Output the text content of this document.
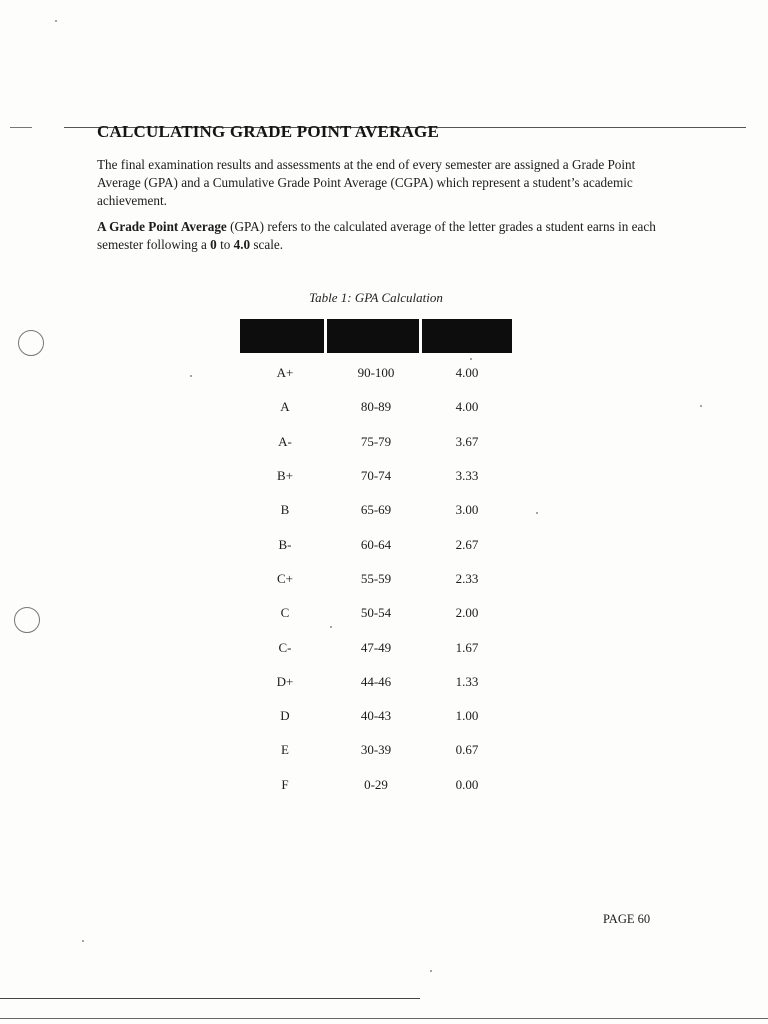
CALCULATING GRADE POINT AVERAGE

The final examination results and assessments at the end of every semester are assigned a Grade Point Average (GPA) and a Cumulative Grade Point Average (CGPA) which represent a student’s academic achievement.

A Grade Point Average (GPA) refers to the calculated average of the letter grades a student earns in each semester following a 0 to 4.0 scale.

Table 1: GPA Calculation

A+	90-100	4.00
A	80-89	4.00
A-	75-79	3.67
B+	70-74	3.33
B	65-69	3.00
B-	60-64	2.67
C+	55-59	2.33
C	50-54	2.00
C-	47-49	1.67
D+	44-46	1.33
D	40-43	1.00
E	30-39	0.67
F	0-29	0.00

PAGE 60
